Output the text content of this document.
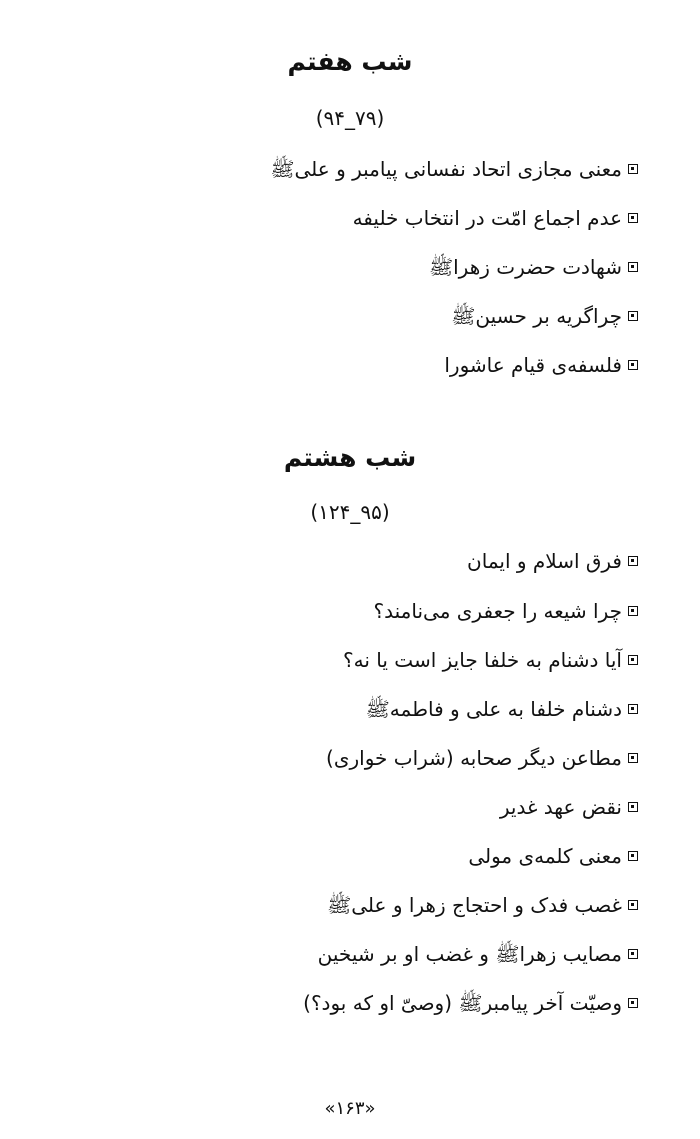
شب هفتم
(۷۹_۹۴)
معنی مجازی اتحاد نفسانی پیامبر و علیﷺ
عدم اجماع امّت در انتخاب خلیفه
شهادت حضرت زهراﷺ
چراگریه بر حسینﷺ
فلسفه‌ی قیام عاشورا
شب هشتم
(۹۵_۱۲۴)
فرق اسلام و ایمان
چرا شیعه را جعفری می‌نامند؟
آیا دشنام به خلفا جایز است یا نه؟
دشنام خلفا به علی و فاطمهﷺ
مطاعن دیگر صحابه (شراب خواری)
نقض عهد غدیر
معنی کلمه‌ی مولی
غصب فدک و احتجاج زهرا و علیﷺ
مصایب زهراﷺ و غضب او بر شیخین
وصیّت آخر پیامبرﷺ (وصیّ او که بود؟)
«۱۶۳»
